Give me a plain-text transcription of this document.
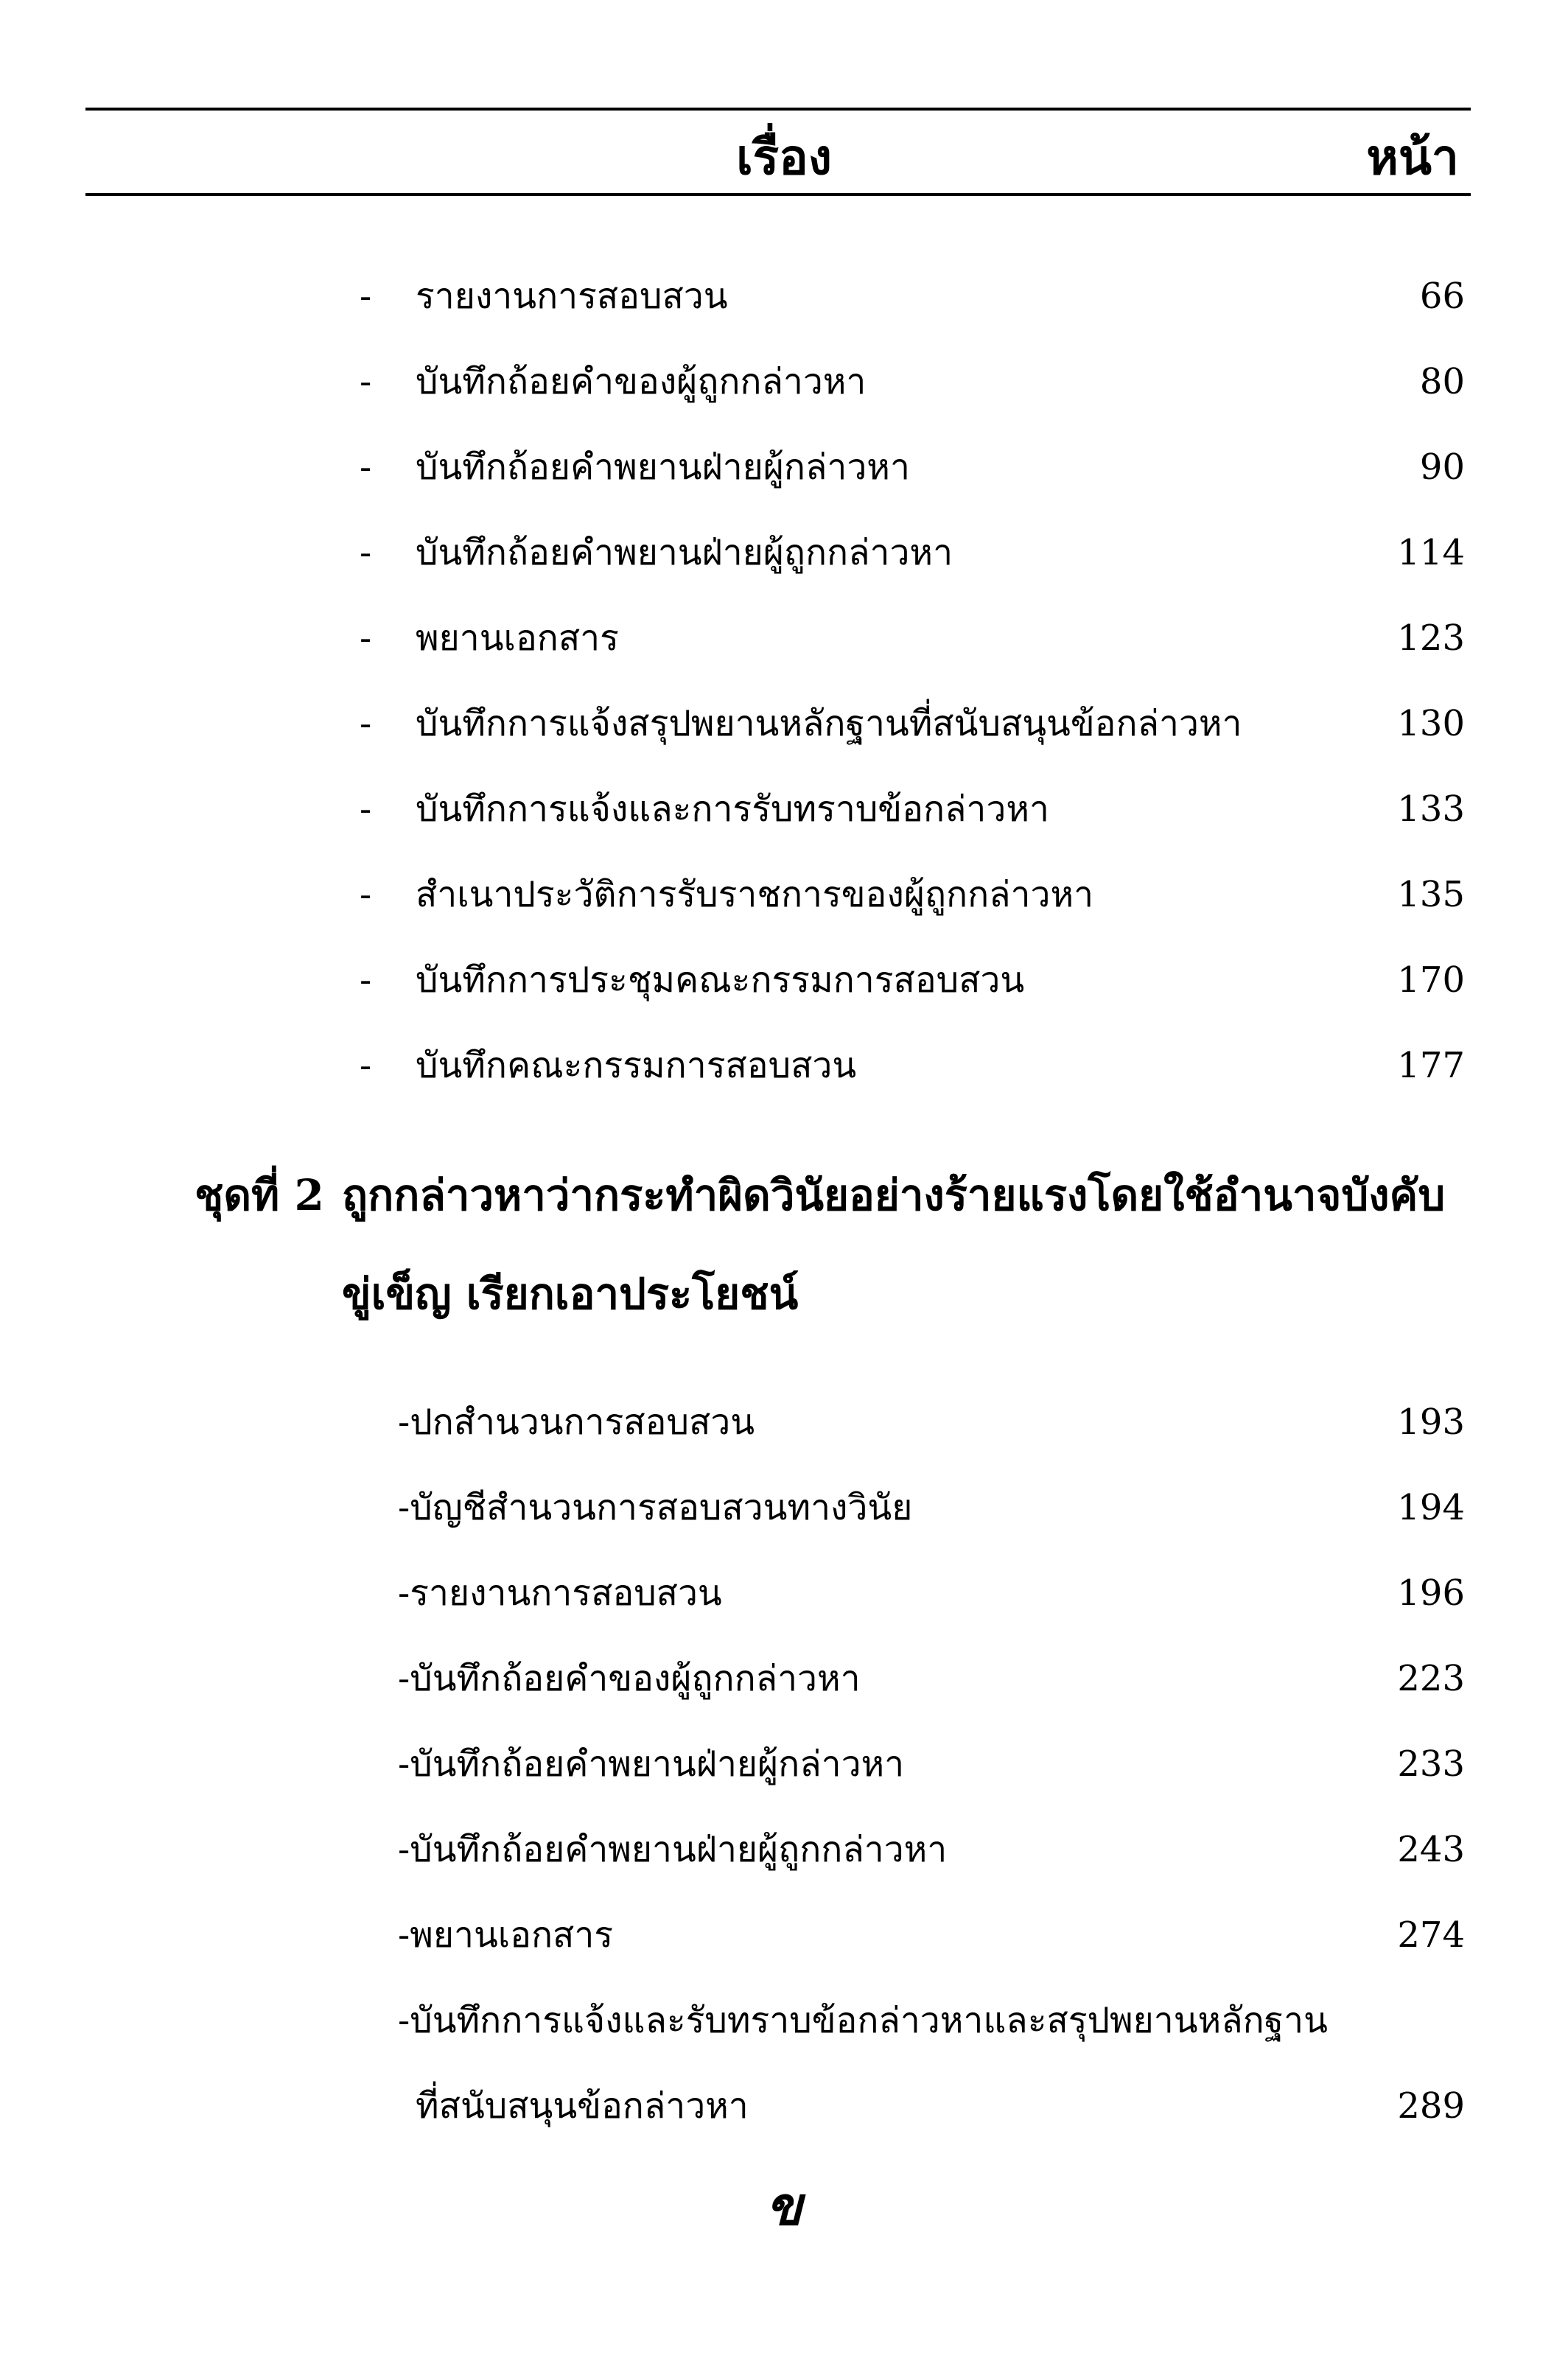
เรื่อง	หน้า
- รายงานการสอบสวน	66
- บันทึกถ้อยคำของผู้ถูกกล่าวหา	80
- บันทึกถ้อยคำพยานฝ่ายผู้กล่าวหา	90
- บันทึกถ้อยคำพยานฝ่ายผู้ถูกกล่าวหา	114
- พยานเอกสาร	123
- บันทึกการแจ้งสรุปพยานหลักฐานที่สนับสนุนข้อกล่าวหา	130
- บันทึกการแจ้งและการรับทราบข้อกล่าวหา	133
- สำเนาประวัติการรับราชการของผู้ถูกกล่าวหา	135
- บันทึกการประชุมคณะกรรมการสอบสวน	170
- บันทึกคณะกรรมการสอบสวน	177
ชุดที่ 2 ถูกกล่าวหาว่ากระทำผิดวินัยอย่างร้ายแรงโดยใช้อำนาจบังคับ
ขู่เข็ญ เรียกเอาประโยชน์
-ปกสำนวนการสอบสวน	193
-บัญชีสำนวนการสอบสวนทางวินัย	194
-รายงานการสอบสวน	196
-บันทึกถ้อยคำของผู้ถูกกล่าวหา	223
-บันทึกถ้อยคำพยานฝ่ายผู้กล่าวหา	233
-บันทึกถ้อยคำพยานฝ่ายผู้ถูกกล่าวหา	243
-พยานเอกสาร	274
-บันทึกการแจ้งและรับทราบข้อกล่าวหาและสรุปพยานหลักฐาน
ที่สนับสนุนข้อกล่าวหา	289
ข
